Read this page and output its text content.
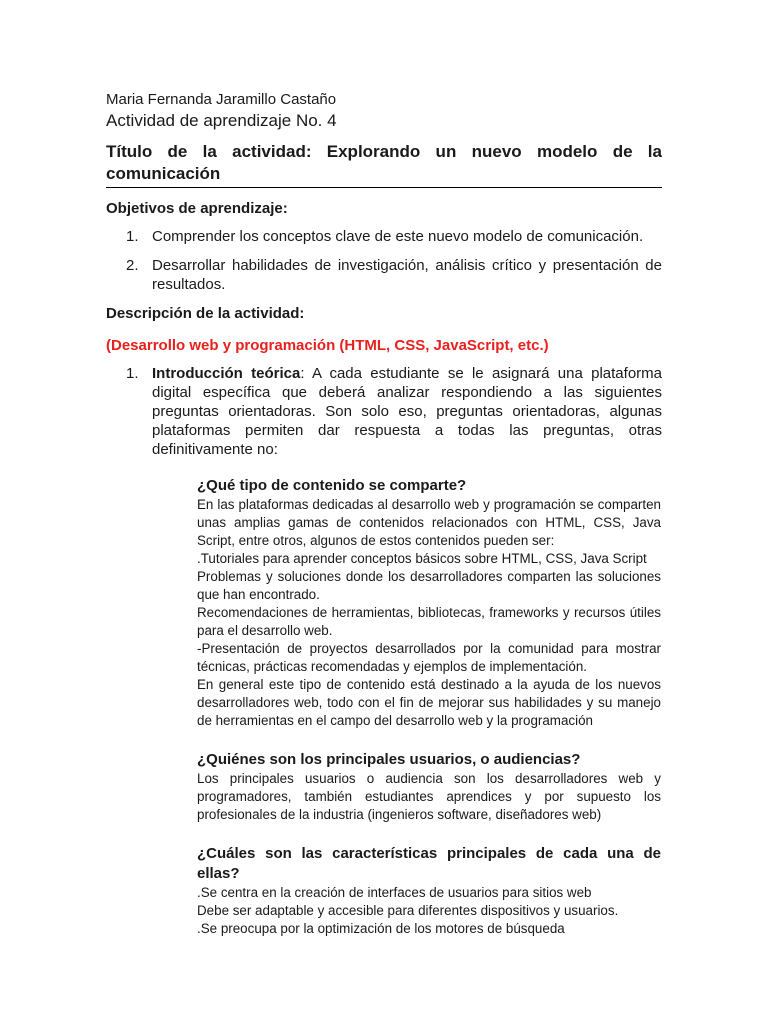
Maria Fernanda Jaramillo Castaño
Actividad de aprendizaje No. 4
Título de la actividad: Explorando un nuevo modelo de la
comunicación
Objetivos de aprendizaje:
1. Comprender los conceptos clave de este nuevo modelo de comunicación.
2. Desarrollar habilidades de investigación, análisis crítico y presentación de resultados.
Descripción de la actividad:
(Desarrollo web y programación (HTML, CSS, JavaScript, etc.)
1. Introducción teórica: A cada estudiante se le asignará una plataforma digital específica que deberá analizar respondiendo a las siguientes preguntas orientadoras. Son solo eso, preguntas orientadoras, algunas plataformas permiten dar respuesta a todas las preguntas, otras definitivamente no:
¿Qué tipo de contenido se comparte?

En las plataformas dedicadas al desarrollo web y programación se comparten unas amplias gamas de contenidos relacionados con HTML, CSS, Java Script, entre otros, algunos de estos contenidos pueden ser:

.Tutoriales para aprender conceptos básicos sobre HTML, CSS, Java Script

Problemas y soluciones donde los desarrolladores comparten las soluciones que han encontrado.

Recomendaciones de herramientas, bibliotecas, frameworks y recursos útiles para el desarrollo web.

-Presentación de proyectos desarrollados por la comunidad para mostrar técnicas, prácticas recomendadas y ejemplos de implementación.

En general este tipo de contenido está destinado a la ayuda de los nuevos desarrolladores web, todo con el fin de mejorar sus habilidades y su manejo de herramientas en el campo del desarrollo web y la programación

¿Quiénes son los principales usuarios, o audiencias?

Los principales usuarios o audiencia son los desarrolladores web y programadores, también estudiantes aprendices y por supuesto los profesionales de la industria (ingenieros software, diseñadores web)

¿Cuáles son las características principales de cada una de ellas?

.Se centra en la creación de interfaces de usuarios para sitios web

Debe ser adaptable y accesible para diferentes dispositivos y usuarios.

.Se preocupa por la optimización de los motores de búsqueda
